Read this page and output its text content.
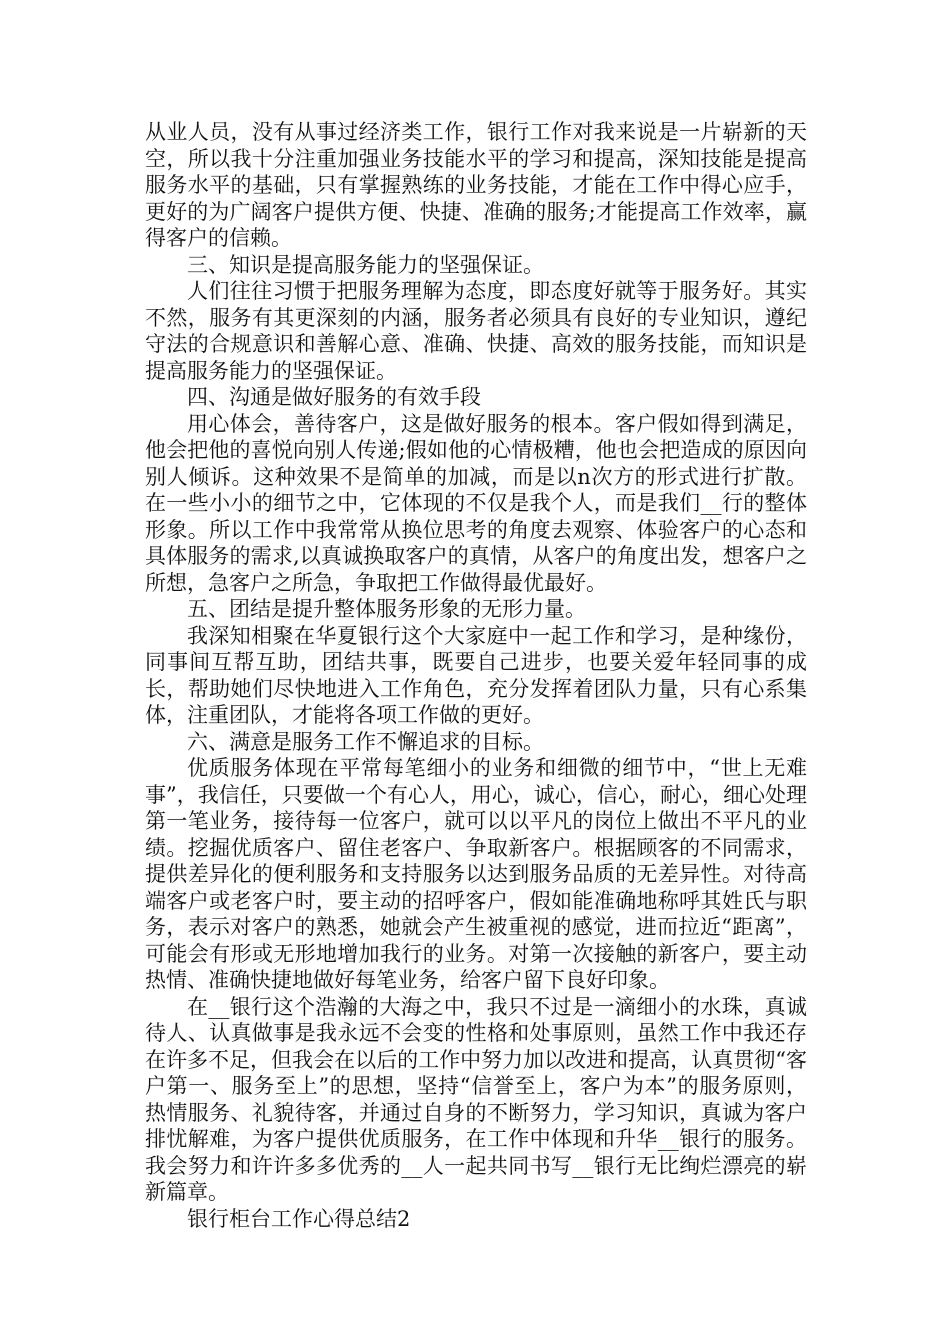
从业人员，没有从事过经济类工作，银行工作对我来说是一片崭新的天空，所以我十分注重加强业务技能水平的学习和提高，深知技能是提高服务水平的基础，只有掌握熟练的业务技能，才能在工作中得心应手，更好的为广阔客户提供方便、快捷、准确的服务;才能提高工作效率，赢得客户的信赖。

三、知识是提高服务能力的坚强保证。

人们往往习惯于把服务理解为态度，即态度好就等于服务好。其实不然，服务有其更深刻的内涵，服务者必须具有良好的专业知识，遵纪守法的合规意识和善解心意、准确、快捷、高效的服务技能，而知识是提高服务能力的坚强保证。

四、沟通是做好服务的有效手段

用心体会，善待客户，这是做好服务的根本。客户假如得到满足，他会把他的喜悦向别人传递;假如他的心情极糟，他也会把造成的原因向别人倾诉。这种效果不是简单的加减，而是以n次方的形式进行扩散。在一些小小的细节之中，它体现的不仅是我个人，而是我们__行的整体形象。所以工作中我常常从换位思考的角度去观察、体验客户的心态和具体服务的需求,以真诚换取客户的真情，从客户的角度出发，想客户之所想，急客户之所急，争取把工作做得最优最好。

五、团结是提升整体服务形象的无形力量。

我深知相聚在华夏银行这个大家庭中一起工作和学习，是种缘份，同事间互帮互助，团结共事，既要自己进步，也要关爱年轻同事的成长，帮助她们尽快地进入工作角色，充分发挥着团队力量，只有心系集体，注重团队，才能将各项工作做的更好。

六、满意是服务工作不懈追求的目标。

优质服务体现在平常每笔细小的业务和细微的细节中，“世上无难事”，我信任，只要做一个有心人，用心，诚心，信心，耐心，细心处理第一笔业务，接待每一位客户，就可以以平凡的岗位上做出不平凡的业绩。挖掘优质客户、留住老客户、争取新客户。根据顾客的不同需求，提供差异化的便利服务和支持服务以达到服务品质的无差异性。对待高端客户或老客户时，要主动的招呼客户，假如能准确地称呼其姓氏与职务，表示对客户的熟悉，她就会产生被重视的感觉，进而拉近“距离”，可能会有形或无形地增加我行的业务。对第一次接触的新客户，要主动热情、准确快捷地做好每笔业务，给客户留下良好印象。

在__银行这个浩瀚的大海之中，我只不过是一滴细小的水珠，真诚待人、认真做事是我永远不会变的性格和处事原则，虽然工作中我还存在许多不足，但我会在以后的工作中努力加以改进和提高，认真贯彻“客户第一、服务至上”的思想，坚持“信誉至上，客户为本”的服务原则，热情服务、礼貌待客，并通过自身的不断努力，学习知识，真诚为客户排忧解难，为客户提供优质服务，在工作中体现和升华__银行的服务。我会努力和许许多多优秀的__人一起共同书写__银行无比绚烂漂亮的崭新篇章。

银行柜台工作心得总结2
